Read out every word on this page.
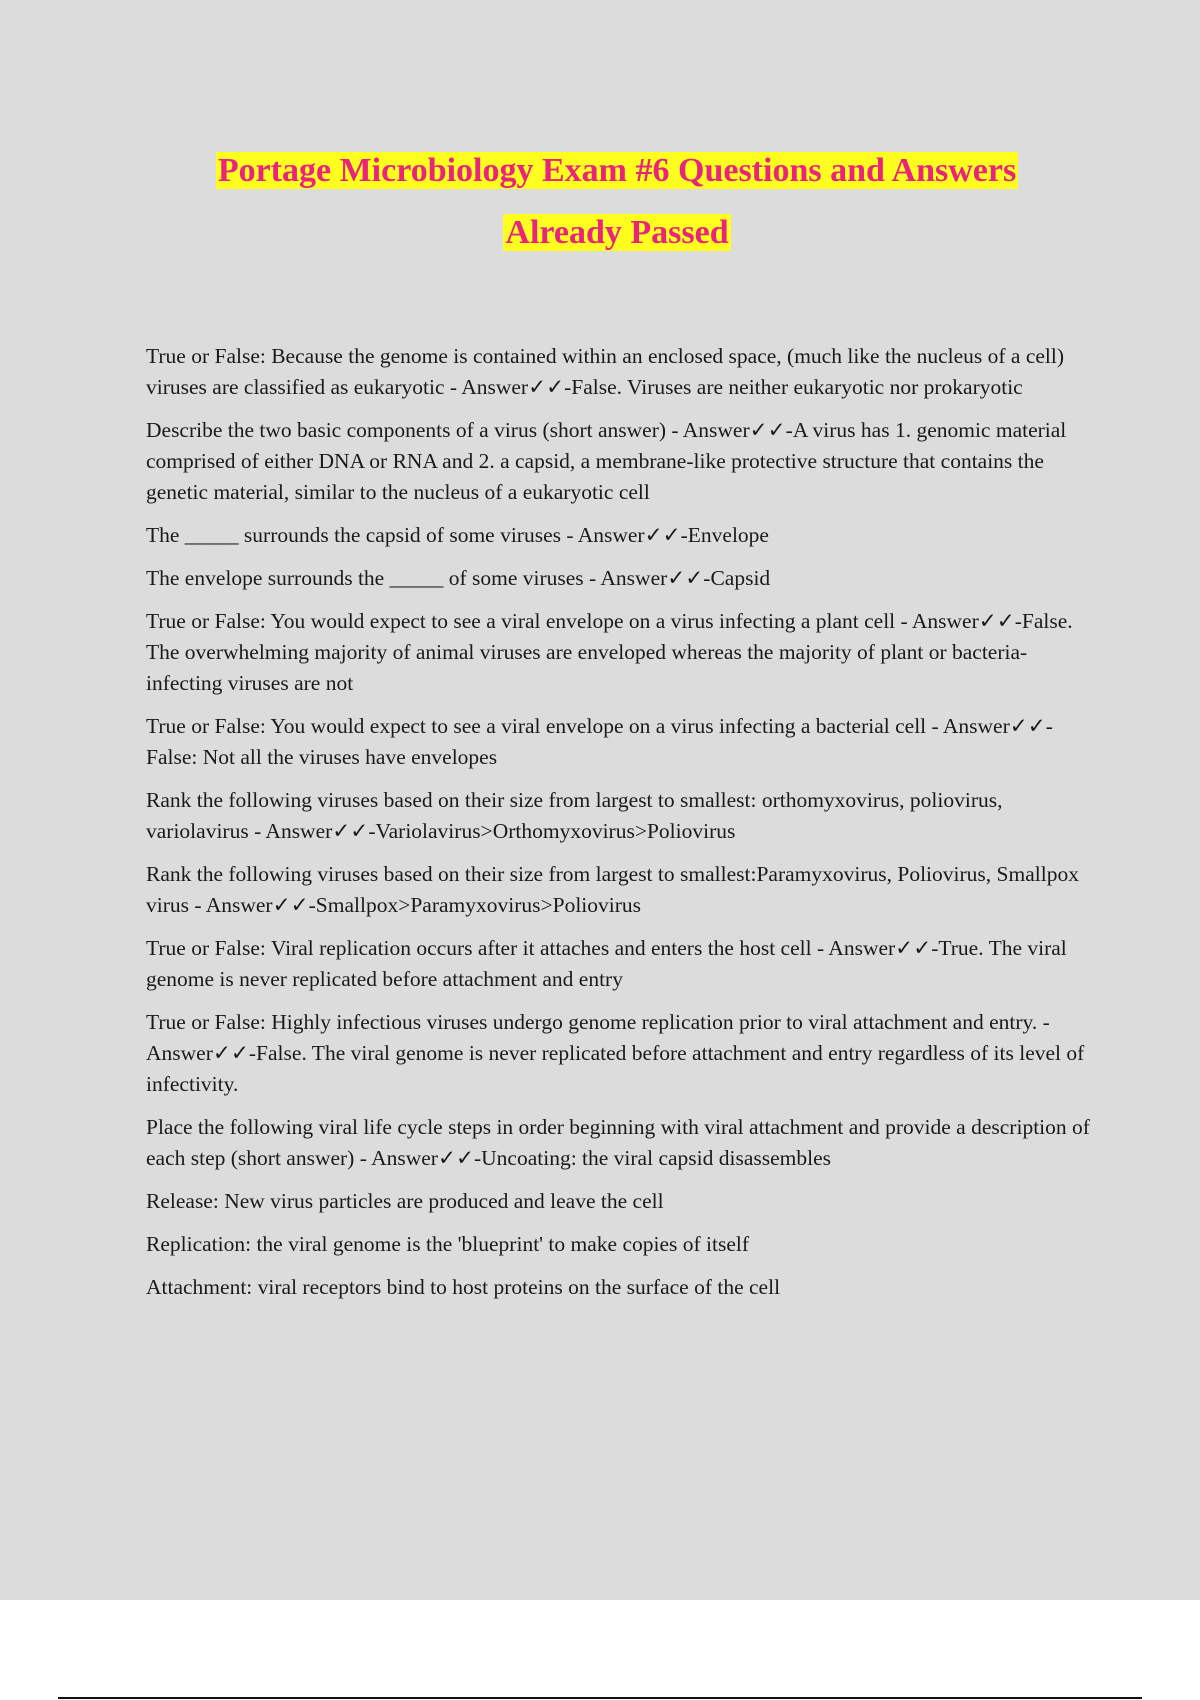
Portage Microbiology Exam #6 Questions and Answers
Already Passed

True or False: Because the genome is contained within an enclosed space, (much like the nucleus of a cell) viruses are classified as eukaryotic - Answer✓✓-False. Viruses are neither eukaryotic nor prokaryotic

Describe the two basic components of a virus (short answer) - Answer✓✓-A virus has 1. genomic material comprised of either DNA or RNA and 2. a capsid, a membrane-like protective structure that contains the genetic material, similar to the nucleus of a eukaryotic cell

The _____ surrounds the capsid of some viruses - Answer✓✓-Envelope

The envelope surrounds the _____ of some viruses - Answer✓✓-Capsid

True or False: You would expect to see a viral envelope on a virus infecting a plant cell - Answer✓✓-False. The overwhelming majority of animal viruses are enveloped whereas the majority of plant or bacteria-infecting viruses are not

True or False: You would expect to see a viral envelope on a virus infecting a bacterial cell - Answer✓✓-False: Not all the viruses have envelopes

Rank the following viruses based on their size from largest to smallest: orthomyxovirus, poliovirus, variolavirus - Answer✓✓-Variolavirus>Orthomyxovirus>Poliovirus

Rank the following viruses based on their size from largest to smallest:Paramyxovirus, Poliovirus, Smallpox virus - Answer✓✓-Smallpox>Paramyxovirus>Poliovirus

True or False: Viral replication occurs after it attaches and enters the host cell - Answer✓✓-True. The viral genome is never replicated before attachment and entry

True or False: Highly infectious viruses undergo genome replication prior to viral attachment and entry. - Answer✓✓-False. The viral genome is never replicated before attachment and entry regardless of its level of infectivity.

Place the following viral life cycle steps in order beginning with viral attachment and provide a description of each step (short answer) - Answer✓✓-Uncoating: the viral capsid disassembles

Release: New virus particles are produced and leave the cell

Replication: the viral genome is the 'blueprint' to make copies of itself

Attachment: viral receptors bind to host proteins on the surface of the cell
